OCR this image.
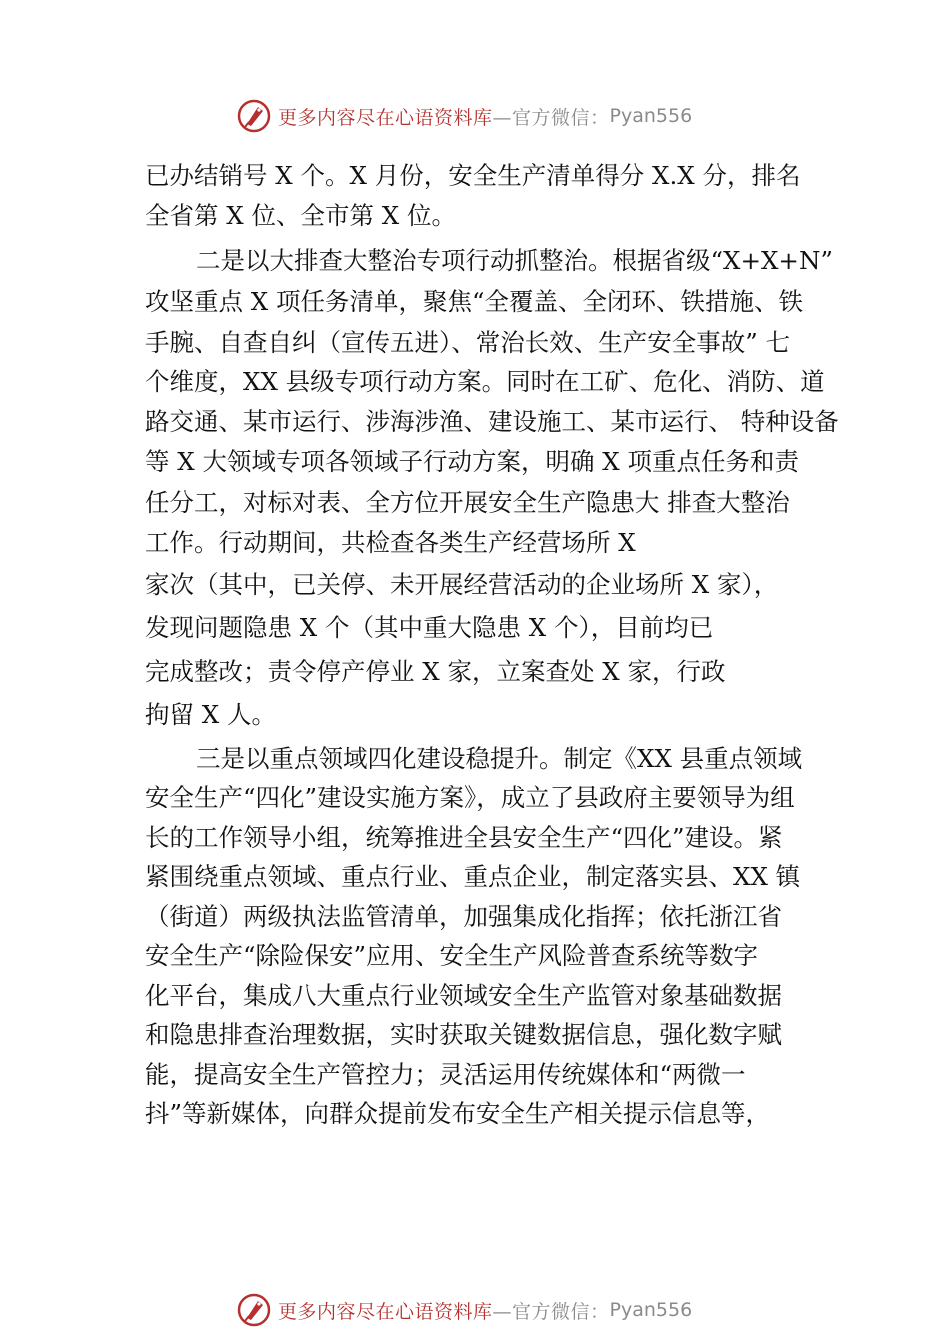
更多内容尽在心语资料库 —官方微信： Pyan556
已办结销号 X 个。X 月份，安全生产清单得分 X.X 分，排名
全省第 X 位、全市第 X 位。
二是以大排查大整治专项行动抓整治。根据省级“X+X+N”
攻坚重点 X 项任务清单，聚焦“全覆盖、全闭环、铁措施、铁
手腕、自查自纠（宣传五进）、常治长效、生产安全事故” 七
个维度，XX 县级专项行动方案。同时在工矿、危化、消防、道
路交通、某市运行、涉海涉渔、建设施工、某市运行、 特种设备
等 X 大领域专项各领域子行动方案，明确 X 项重点任务和责
任分工，对标对表、全方位开展安全生产隐患大 排查大整治
工作。行动期间，共检查各类生产经营场所 X
家次（其中，已关停、未开展经营活动的企业场所 X 家），
发现问题隐患 X 个（其中重大隐患 X 个），目前均已
完成整改；责令停产停业 X 家，立案查处 X 家，行政
拘留 X 人。
三是以重点领域四化建设稳提升。制定《XX 县重点领域
安全生产“四化”建设实施方案》，成立了县政府主要领导为组
长的工作领导小组，统筹推进全县安全生产“四化”建设。紧
紧围绕重点领域、重点行业、重点企业，制定落实县、XX 镇
（街道）两级执法监管清单，加强集成化指挥；依托浙江省
安全生产“除险保安”应用、安全生产风险普查系统等数字
化平台，集成八大重点行业领域安全生产监管对象基础数据
和隐患排查治理数据，实时获取关键数据信息，强化数字赋
能，提高安全生产管控力；灵活运用传统媒体和“两微一
抖”等新媒体，向群众提前发布安全生产相关提示信息等，
更多内容尽在心语资料库 —官方微信： Pyan556
